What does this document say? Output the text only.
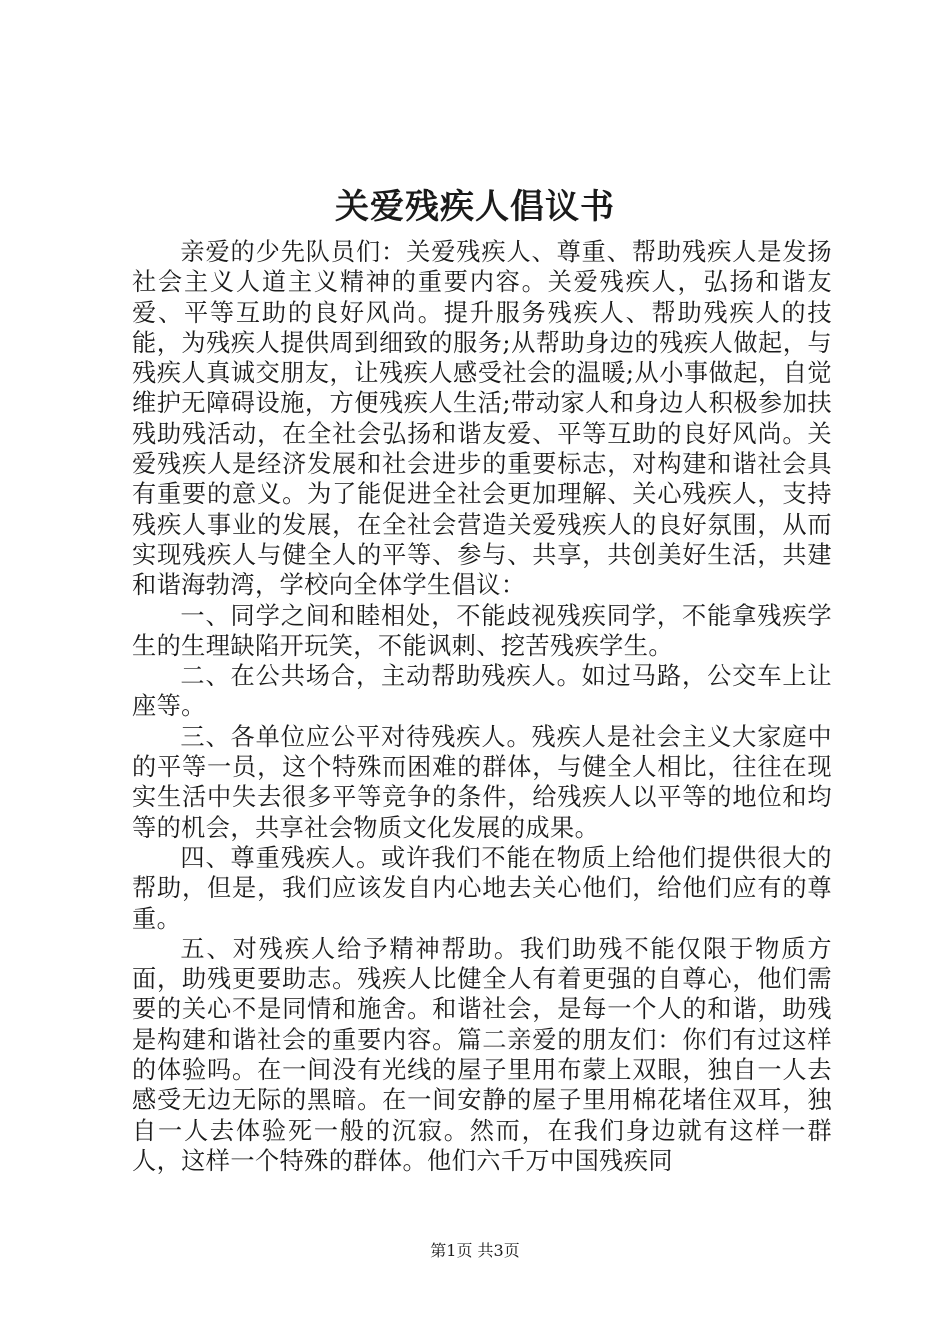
关爱残疾人倡议书

亲爱的少先队员们：关爱残疾人、尊重、帮助残疾人是发扬社会主义人道主义精神的重要内容。关爱残疾人，弘扬和谐友爱、平等互助的良好风尚。提升服务残疾人、帮助残疾人的技能，为残疾人提供周到细致的服务;从帮助身边的残疾人做起，与残疾人真诚交朋友，让残疾人感受社会的温暖;从小事做起，自觉维护无障碍设施，方便残疾人生活;带动家人和身边人积极参加扶残助残活动，在全社会弘扬和谐友爱、平等互助的良好风尚。关爱残疾人是经济发展和社会进步的重要标志，对构建和谐社会具有重要的意义。为了能促进全社会更加理解、关心残疾人，支持残疾人事业的发展，在全社会营造关爱残疾人的良好氛围，从而实现残疾人与健全人的平等、参与、共享，共创美好生活，共建和谐海勃湾，学校向全体学生倡议：

一、同学之间和睦相处，不能歧视残疾同学，不能拿残疾学生的生理缺陷开玩笑，不能讽刺、挖苦残疾学生。

二、在公共场合，主动帮助残疾人。如过马路，公交车上让座等。

三、各单位应公平对待残疾人。残疾人是社会主义大家庭中的平等一员，这个特殊而困难的群体，与健全人相比，往往在现实生活中失去很多平等竞争的条件，给残疾人以平等的地位和均等的机会，共享社会物质文化发展的成果。

四、尊重残疾人。或许我们不能在物质上给他们提供很大的帮助，但是，我们应该发自内心地去关心他们，给他们应有的尊重。

五、对残疾人给予精神帮助。我们助残不能仅限于物质方面，助残更要助志。残疾人比健全人有着更强的自尊心，他们需要的关心不是同情和施舍。和谐社会，是每一个人的和谐，助残是构建和谐社会的重要内容。篇二亲爱的朋友们：你们有过这样的体验吗。在一间没有光线的屋子里用布蒙上双眼，独自一人去感受无边无际的黑暗。在一间安静的屋子里用棉花堵住双耳，独自一人去体验死一般的沉寂。然而，在我们身边就有这样一群人，这样一个特殊的群体。他们六千万中国残疾同

第1页 共3页
